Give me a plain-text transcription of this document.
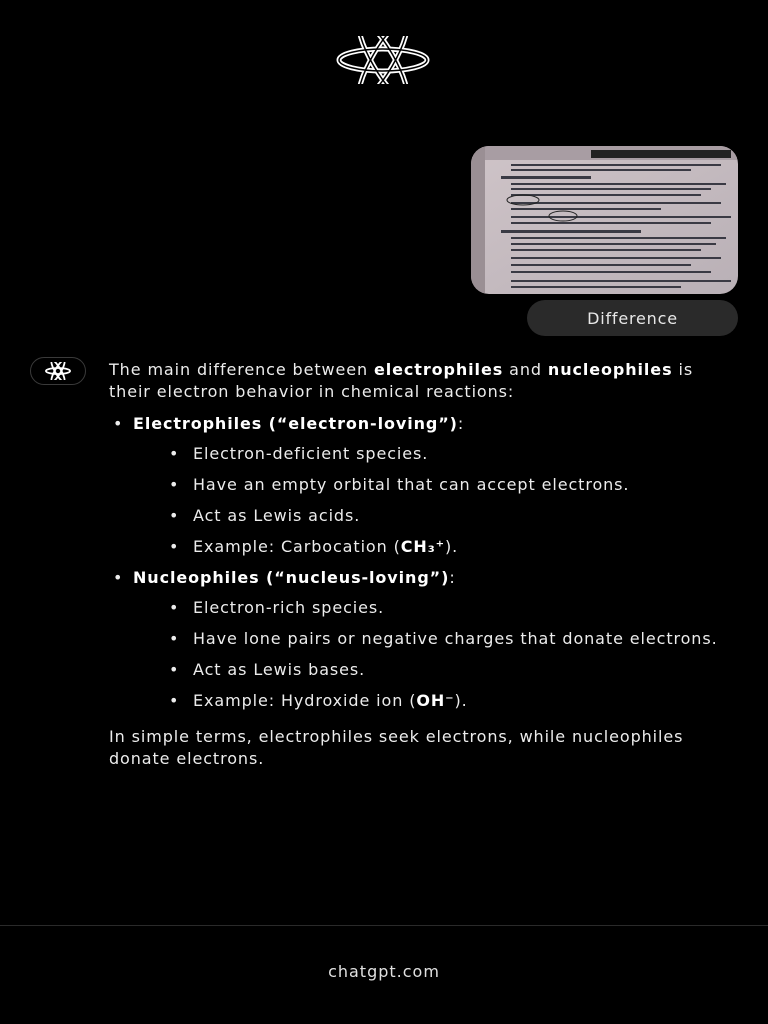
Difference

The main difference between electrophiles and nucleophiles is their electron behavior in chemical reactions:

• Electrophiles (“electron-loving”):
• Electron-deficient species.
• Have an empty orbital that can accept electrons.
• Act as Lewis acids.
• Example: Carbocation (CH₃⁺).
• Nucleophiles (“nucleus-loving”):
• Electron-rich species.
• Have lone pairs or negative charges that donate electrons.
• Act as Lewis bases.
• Example: Hydroxide ion (OH⁻).

In simple terms, electrophiles seek electrons, while nucleophiles donate electrons.

chatgpt.com
